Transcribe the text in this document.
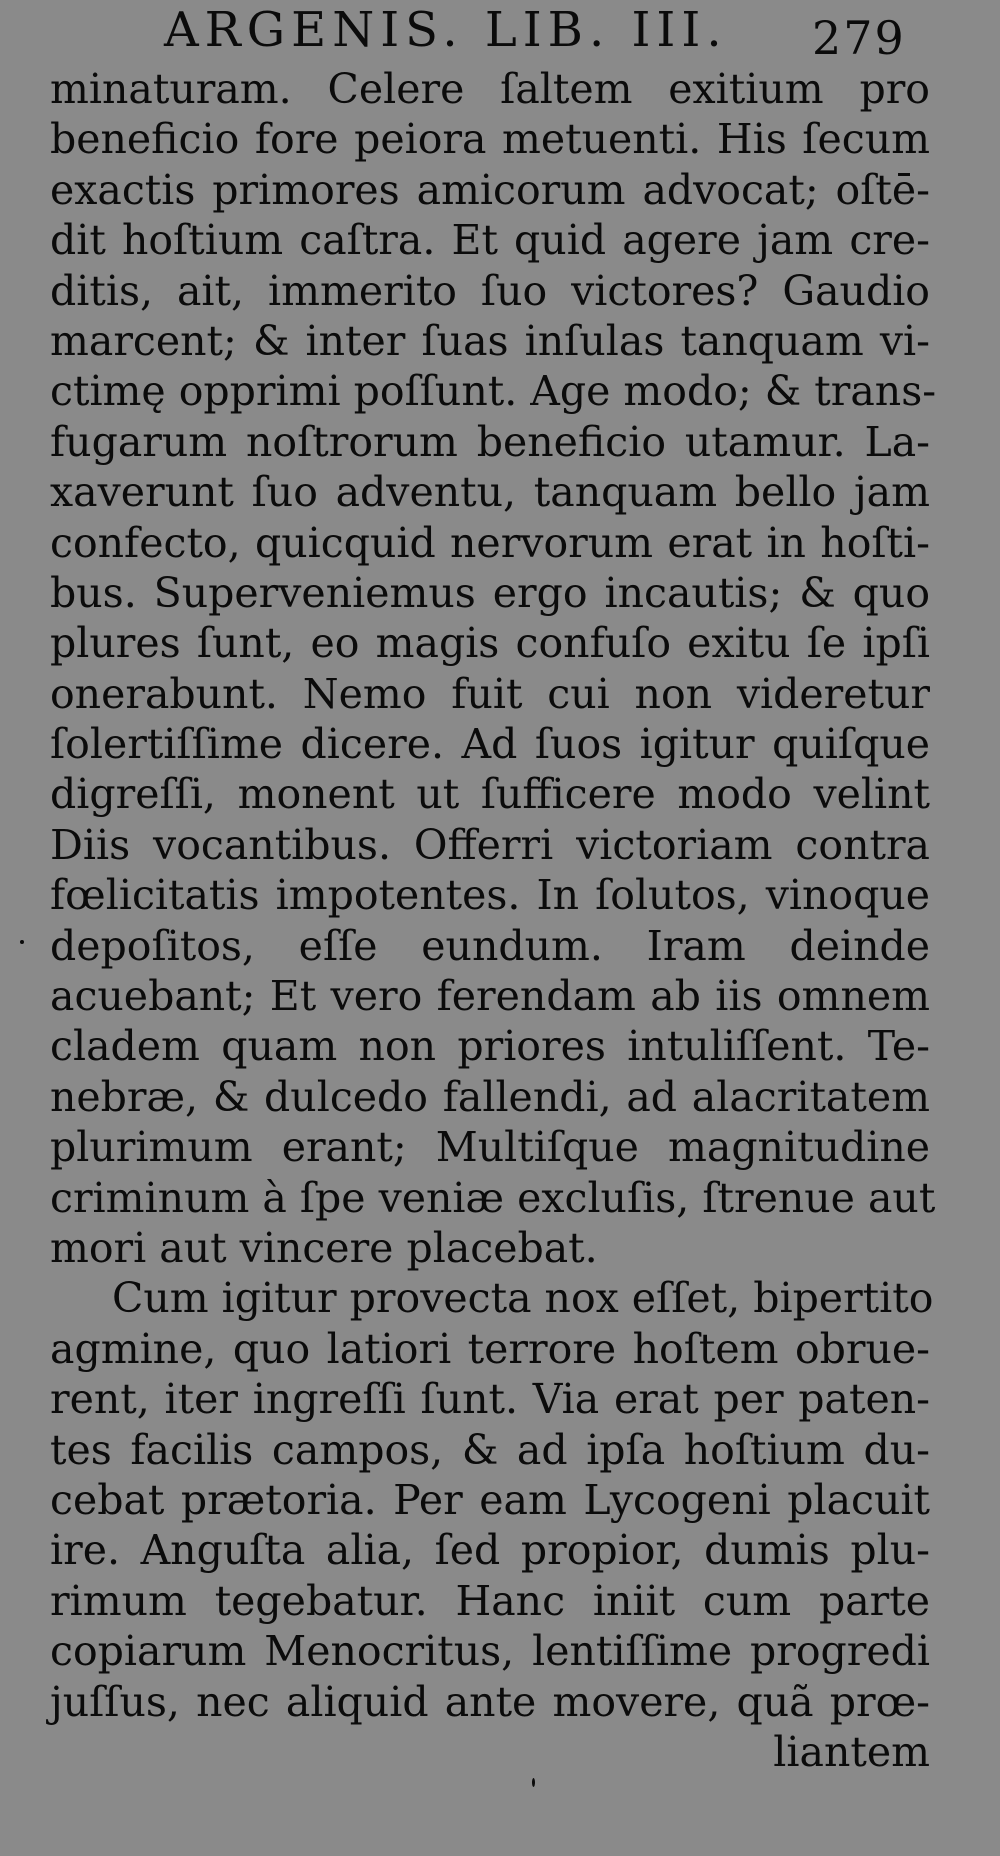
ARGENIS. LIB. III. 279
minaturam. Celere ſaltem exitium pro
beneficio fore peiora metuenti. His ſecum
exactis primores amicorum advocat; oſtē-
dit hoſtium caſtra. Et quid agere jam cre-
ditis, ait, immerito ſuo victores? Gaudio
marcent; & inter ſuas inſulas tanquam vi-
ctimę opprimi poſſunt. Age modo; & trans-
fugarum noſtrorum beneficio utamur. La-
xaverunt ſuo adventu, tanquam bello jam
confecto, quicquid nervorum erat in hoſti-
bus. Superveniemus ergo incautis; & quo
plures ſunt, eo magis confuſo exitu ſe ipſi
onerabunt. Nemo fuit cui non videretur
ſolertiſſime dicere. Ad ſuos igitur quiſque
digreſſi, monent ut ſufficere modo velint
Diis vocantibus. Offerri victoriam contra
fœlicitatis impotentes. In ſolutos, vinoque
depoſitos, eſſe eundum. Iram deinde
acuebant; Et vero ferendam ab iis omnem
cladem quam non priores intuliſſent. Te-
nebræ, & dulcedo fallendi, ad alacritatem
plurimum erant; Multiſque magnitudine
criminum à ſpe veniæ excluſis, ſtrenue aut
mori aut vincere placebat.
Cum igitur provecta nox eſſet, bipertito
agmine, quo latiori terrore hoſtem obrue-
rent, iter ingreſſi ſunt. Via erat per paten-
tes facilis campos, & ad ipſa hoſtium du-
cebat prætoria. Per eam Lycogeni placuit
ire. Anguſta alia, ſed propior, dumis plu-
rimum tegebatur. Hanc iniit cum parte
copiarum Menocritus, lentiſſime progredi
juſſus, nec aliquid ante movere, quã prœ-
liantem
